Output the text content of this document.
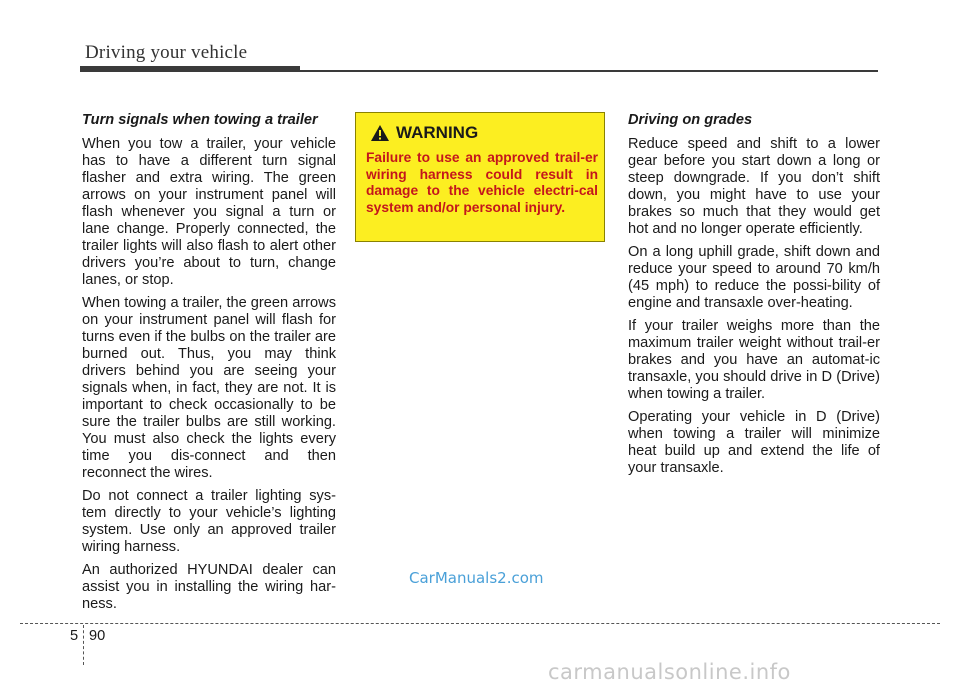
Driving your vehicle
Turn signals when towing a trailer

When you tow a trailer, your vehicle has to have a different turn signal flasher and extra wiring. The green arrows on your instrument panel will flash whenever you signal a turn or lane change. Properly connected, the trailer lights will also flash to alert other drivers you’re about to turn, change lanes, or stop.

When towing a trailer, the green arrows on your instrument panel will flash for turns even if the bulbs on the trailer are burned out. Thus, you may think drivers behind you are seeing your signals when, in fact, they are not. It is important to check occasionally to be sure the trailer bulbs are still working. You must also check the lights every time you dis-connect and then reconnect the wires.

Do not connect a trailer lighting sys-tem directly to your vehicle’s lighting system. Use only an approved trailer wiring harness.

An authorized HYUNDAI dealer can assist you in installing the wiring har-ness.

WARNING
Failure to use an approved trail-er wiring harness could result in damage to the vehicle electri-cal system and/or personal injury.
Driving on grades

Reduce speed and shift to a lower gear before you start down a long or steep downgrade. If you don’t shift down, you might have to use your brakes so much that they would get hot and no longer operate efficiently.

On a long uphill grade, shift down and reduce your speed to around 70 km/h (45 mph) to reduce the possi-bility of engine and transaxle over-heating.

If your trailer weighs more than the maximum trailer weight without trail-er brakes and you have an automat-ic transaxle, you should drive in D (Drive) when towing a trailer.

Operating your vehicle in D (Drive) when towing a trailer will minimize heat build up and extend the life of your transaxle.

CarManuals2.com
5 90
carmanualsonline.info
